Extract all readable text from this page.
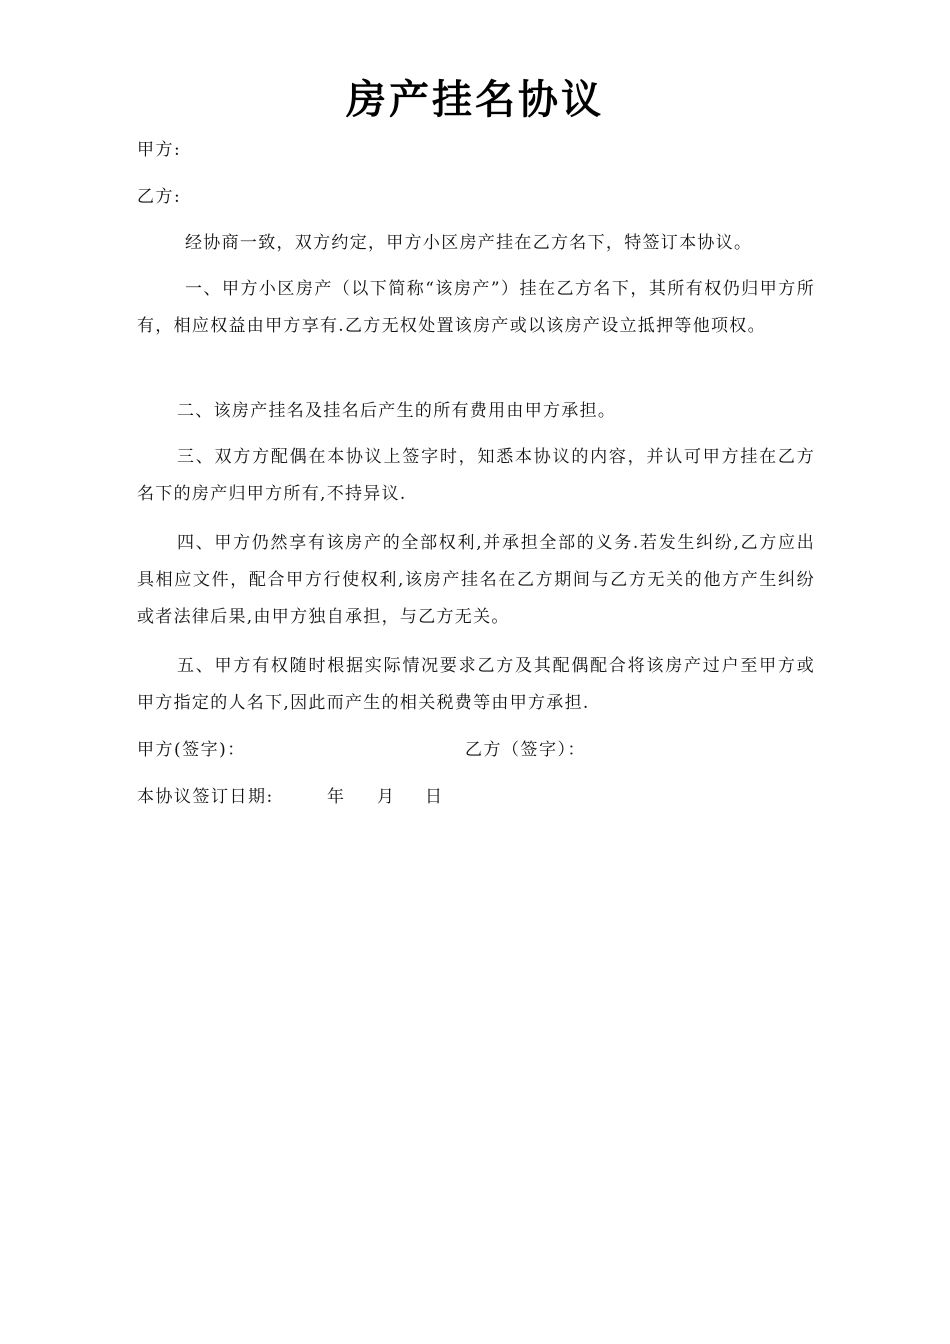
房产挂名协议
甲方:
乙方:
经协商一致，双方约定，甲方小区房产挂在乙方名下，特签订本协议。
一、甲方小区房产（以下简称“该房产”）挂在乙方名下，其所有权仍归甲方所有，相应权益由甲方享有.乙方无权处置该房产或以该房产设立抵押等他项权。
二、该房产挂名及挂名后产生的所有费用由甲方承担。
三、双方方配偶在本协议上签字时，知悉本协议的内容，并认可甲方挂在乙方名下的房产归甲方所有,不持异议.
四、甲方仍然享有该房产的全部权利,并承担全部的义务.若发生纠纷,乙方应出具相应文件，配合甲方行使权利,该房产挂名在乙方期间与乙方无关的他方产生纠纷或者法律后果,由甲方独自承担，与乙方无关。
五、甲方有权随时根据实际情况要求乙方及其配偶配合将该房产过户至甲方或甲方指定的人名下,因此而产生的相关税费等由甲方承担.
甲方(签字)：	乙方（签字）：
本协议签订日期:	年 月 日
